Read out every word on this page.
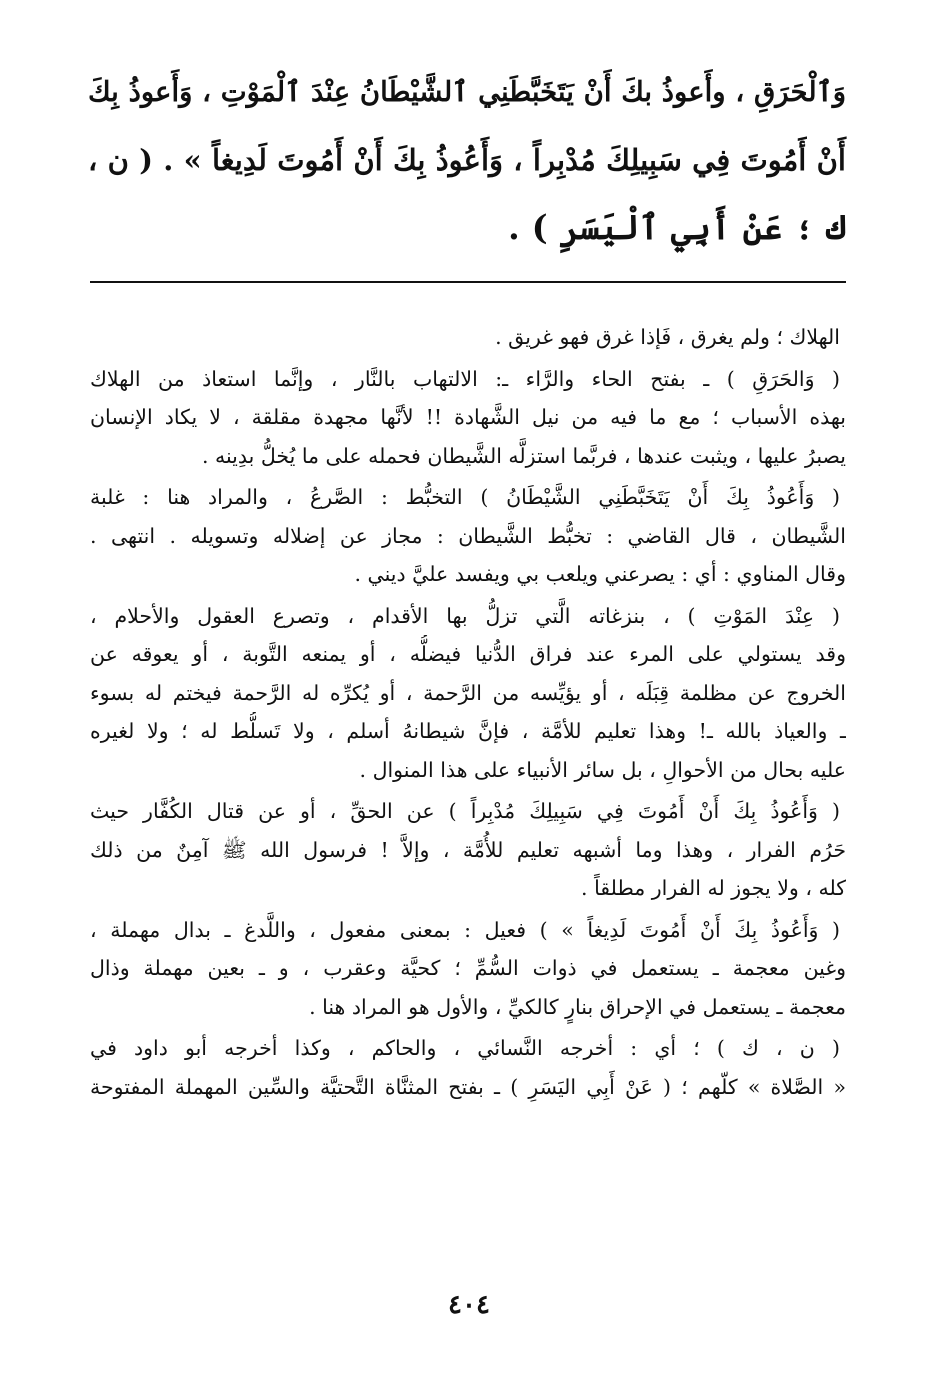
وَٱلْحَرَقِ ، وأَعوذُ بكَ أَنْ يَتَخَبَّطَنِي ٱلشَّيْطَانُ عِنْدَ ٱلْمَوْتِ ، وَأَعوذُ بِكَ
أَنْ أَمُوتَ فِي سَبِيلِكَ مُدْبِراً ، وَأَعُوذُ بِكَ أَنْ أَمُوتَ لَدِيغاً » . ( ن ،
ك ؛ عَنْ أَبِي ٱلْيَسَرِ ) .
الهلاك ؛ ولم يغرق ، فَإذا غرق فهو غريق .
( وَالحَرَقِ ) ـ بفتح الحاء والرَّاء ـ: الالتهاب بالنَّار ، وإنَّما استعاذ من الهلاك
بهذه الأسباب ؛ مع ما فيه من نيل الشَّهادة !! لأنَّها مجهدة مقلقة ، لا يكاد الإنسان
يصبرُ عليها ، ويثبت عندها ، فربَّما استزلَّه الشَّيطان فحمله على ما يُخلُّ بدِينه .
( وَأَعُوذُ بِكَ أَنْ يَتَخَبَّطَنِي الشَّيْطَانُ ) التخبُّط : الصَّرعُ ، والمراد هنا : غلبة
الشَّيطان ، قال القاضي : تخبُّط الشَّيطان : مجاز عن إضلاله وتسويله . انتهى .
وقال المناوي : أي : يصرعني ويلعب بي ويفسد عليَّ ديني .
( عِنْدَ المَوْتِ ) ، بنزغاته الَّتي تزلُّ بها الأقدام ، وتصرع العقول والأحلام ،
وقد يستولي على المرء عند فراق الدُّنيا فيضلُّه ، أو يمنعه التَّوبة ، أو يعوقه عن
الخروج عن مظلمة قِبَلَه ، أو يؤيِّسه من الرَّحمة ، أو يُكرِّه له الرَّحمة فيختم له بسوء
ـ والعياذ بالله ـ! وهذا تعليم للأمَّة ، فإنَّ شيطانهُ أسلم ، ولا تَسلُّط له ؛ ولا لغيره
عليه بحال من الأحوالِ ، بل سائر الأنبياء على هذا المنوال .
( وَأَعُوذُ بِكَ أَنْ أَمُوتَ فِي سَبِيلِكَ مُدْبِراً ) عن الحقِّ ، أو عن قتال الكُفَّار حيث
حَرُم الفرار ، وهذا وما أشبهه تعليم للأُمَّة ، وإلاَّ ! فرسول الله ﷺ آمِنٌ من ذلك
كله ، ولا يجوز له الفرار مطلقاً .
( وَأَعُوذُ بِكَ أَنْ أَمُوتَ لَدِيغاً » ) فعيل : بمعنى مفعول ، واللَّدغ ـ بدال مهملة ،
وغين معجمة ـ يستعمل في ذوات السُّمِّ ؛ كحيَّة وعقرب ، و ـ بعين مهملة وذال
معجمة ـ يستعمل في الإحراق بنارٍ كالكيِّ ، والأول هو المراد هنا .
( ن ، ك ) ؛ أي : أخرجه النَّسائي ، والحاكم ، وكذا أخرجه أبو داود في
« الصَّلاة » كلّهم ؛ ( عَنْ أَبِي اليَسَرِ ) ـ بفتح المثنَّاة التَّحتيَّة والسِّين المهملة المفتوحة
٤٠٤
